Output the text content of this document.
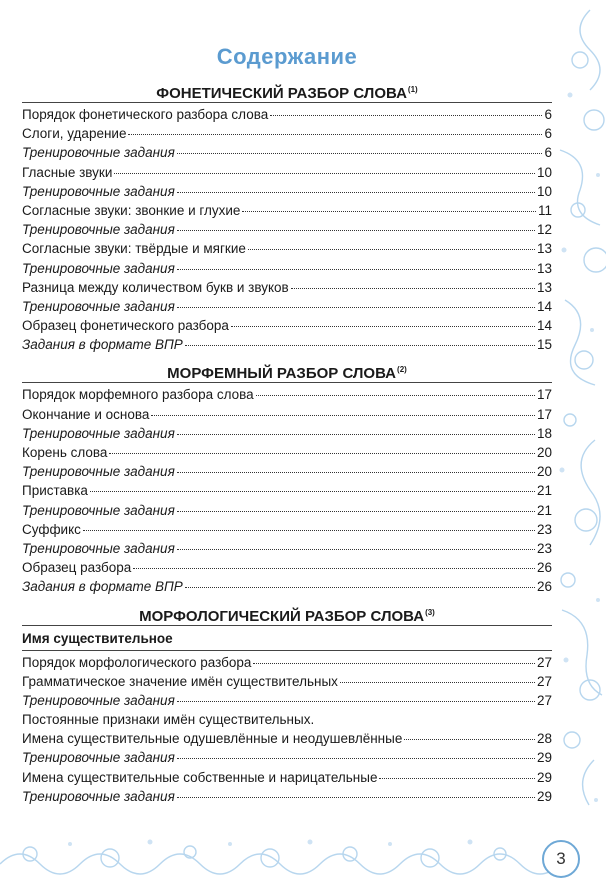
Содержание
ФОНЕТИЧЕСКИЙ РАЗБОР СЛОВА$^{(1)}$
Порядок фонетического разбора слова	6
Слоги, ударение	6
Тренировочные задания	6
Гласные звуки	10
Тренировочные задания	10
Согласные звуки: звонкие и глухие	11
Тренировочные задания	12
Согласные звуки: твёрдые и мягкие	13
Тренировочные задания	13
Разница между количеством букв и звуков	13
Тренировочные задания	14
Образец фонетического разбора	14
Задания в формате ВПР	15
МОРФЕМНЫЙ РАЗБОР СЛОВА$^{(2)}$
Порядок морфемного разбора слова	17
Окончание и основа	17
Тренировочные задания	18
Корень слова	20
Тренировочные задания	20
Приставка	21
Тренировочные задания	21
Суффикс	23
Тренировочные задания	23
Образец разбора	26
Задания в формате ВПР	26
МОРФОЛОГИЧЕСКИЙ РАЗБОР СЛОВА$^{(3)}$
Имя существительное
Порядок морфологического разбора	27
Грамматическое значение имён существительных	27
Тренировочные задания	27
Постоянные признаки имён существительных.
Имена существительные одушевлённые и неодушевлённые	28
Тренировочные задания	29
Имена существительные собственные и нарицательные	29
Тренировочные задания	29
3
